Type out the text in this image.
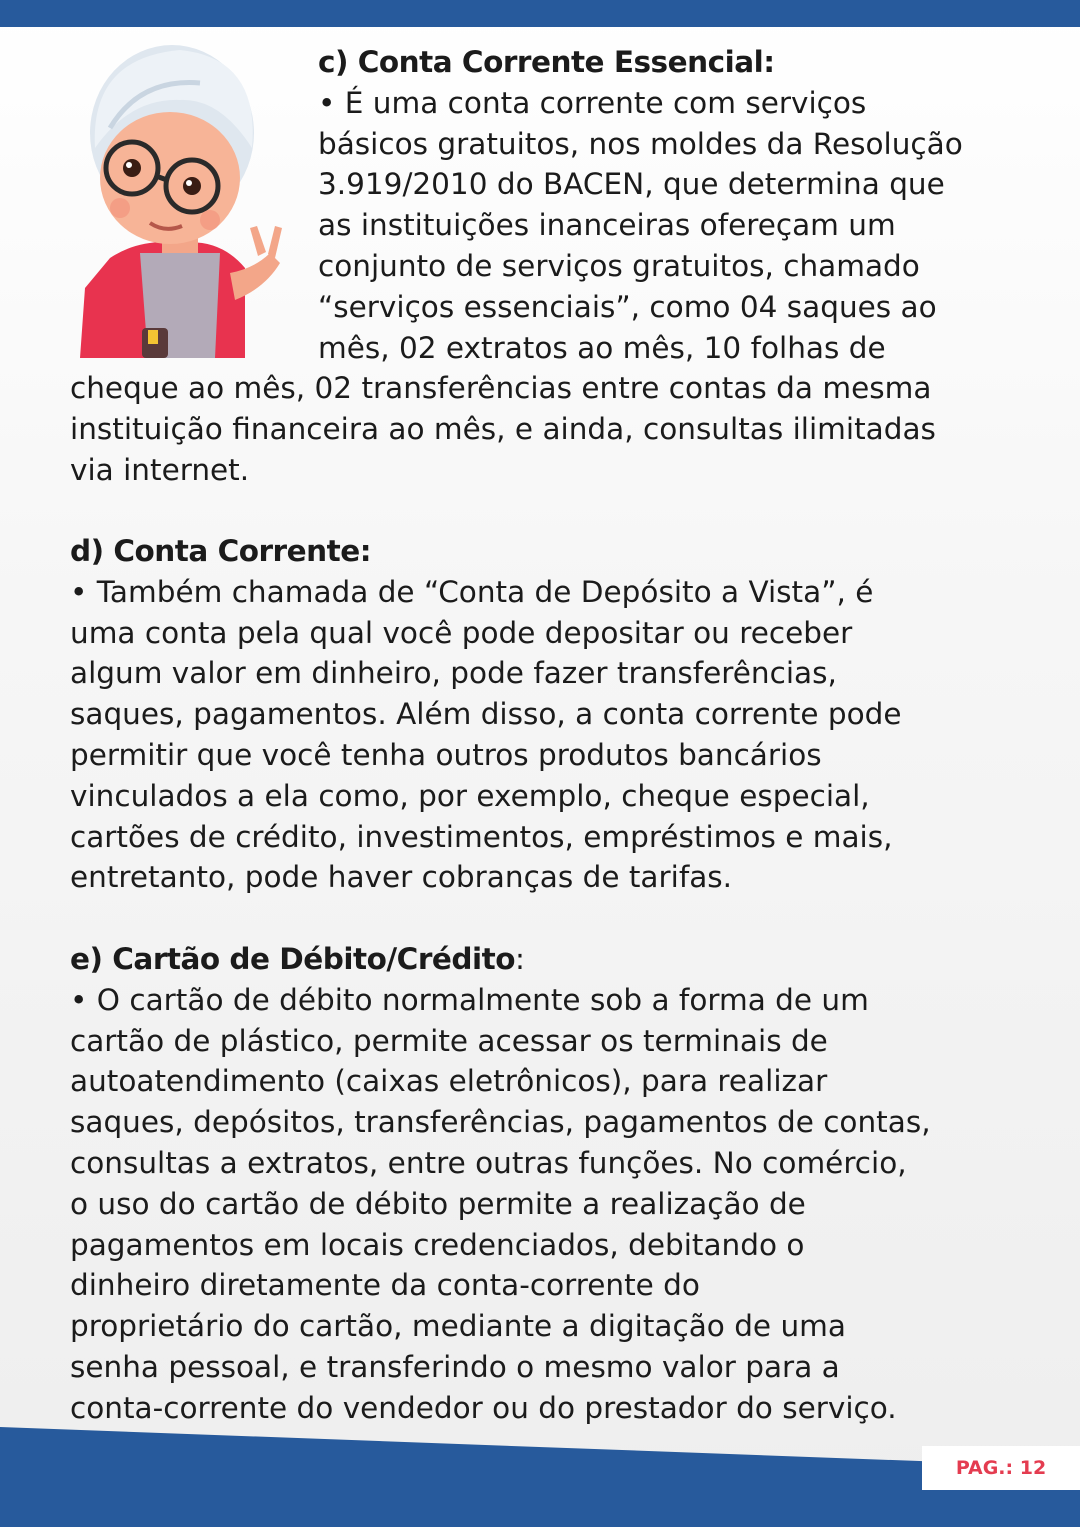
c) Conta Corrente Essencial:
• É uma conta corrente com serviços
básicos gratuitos, nos moldes da Resolução
3.919/2010 do BACEN, que determina que
as instituições inanceiras ofereçam um
conjunto de serviços gratuitos, chamado
“serviços essenciais”, como 04 saques ao
mês, 02 extratos ao mês, 10 folhas de
cheque ao mês, 02 transferências entre contas da mesma
instituição financeira ao mês, e ainda, consultas ilimitadas
via internet.
d) Conta Corrente:
• Também chamada de “Conta de Depósito a Vista”, é
uma conta pela qual você pode depositar ou receber
algum valor em dinheiro, pode fazer transferências,
saques, pagamentos. Além disso, a conta corrente pode
permitir que você tenha outros produtos bancários
vinculados a ela como, por exemplo, cheque especial,
cartões de crédito, investimentos, empréstimos e mais,
entretanto, pode haver cobranças de tarifas.
e) Cartão de Débito/Crédito:
• O cartão de débito normalmente sob a forma de um
cartão de plástico, permite acessar os terminais de
autoatendimento (caixas eletrônicos), para realizar
saques, depósitos, transferências, pagamentos de contas,
consultas a extratos, entre outras funções. No comércio,
o uso do cartão de débito permite a realização de
pagamentos em locais credenciados, debitando o
dinheiro diretamente da conta-corrente do
proprietário do cartão, mediante a digitação de uma
senha pessoal, e transferindo o mesmo valor para a
conta-corrente do vendedor ou do prestador do serviço.
PAG.: 12
